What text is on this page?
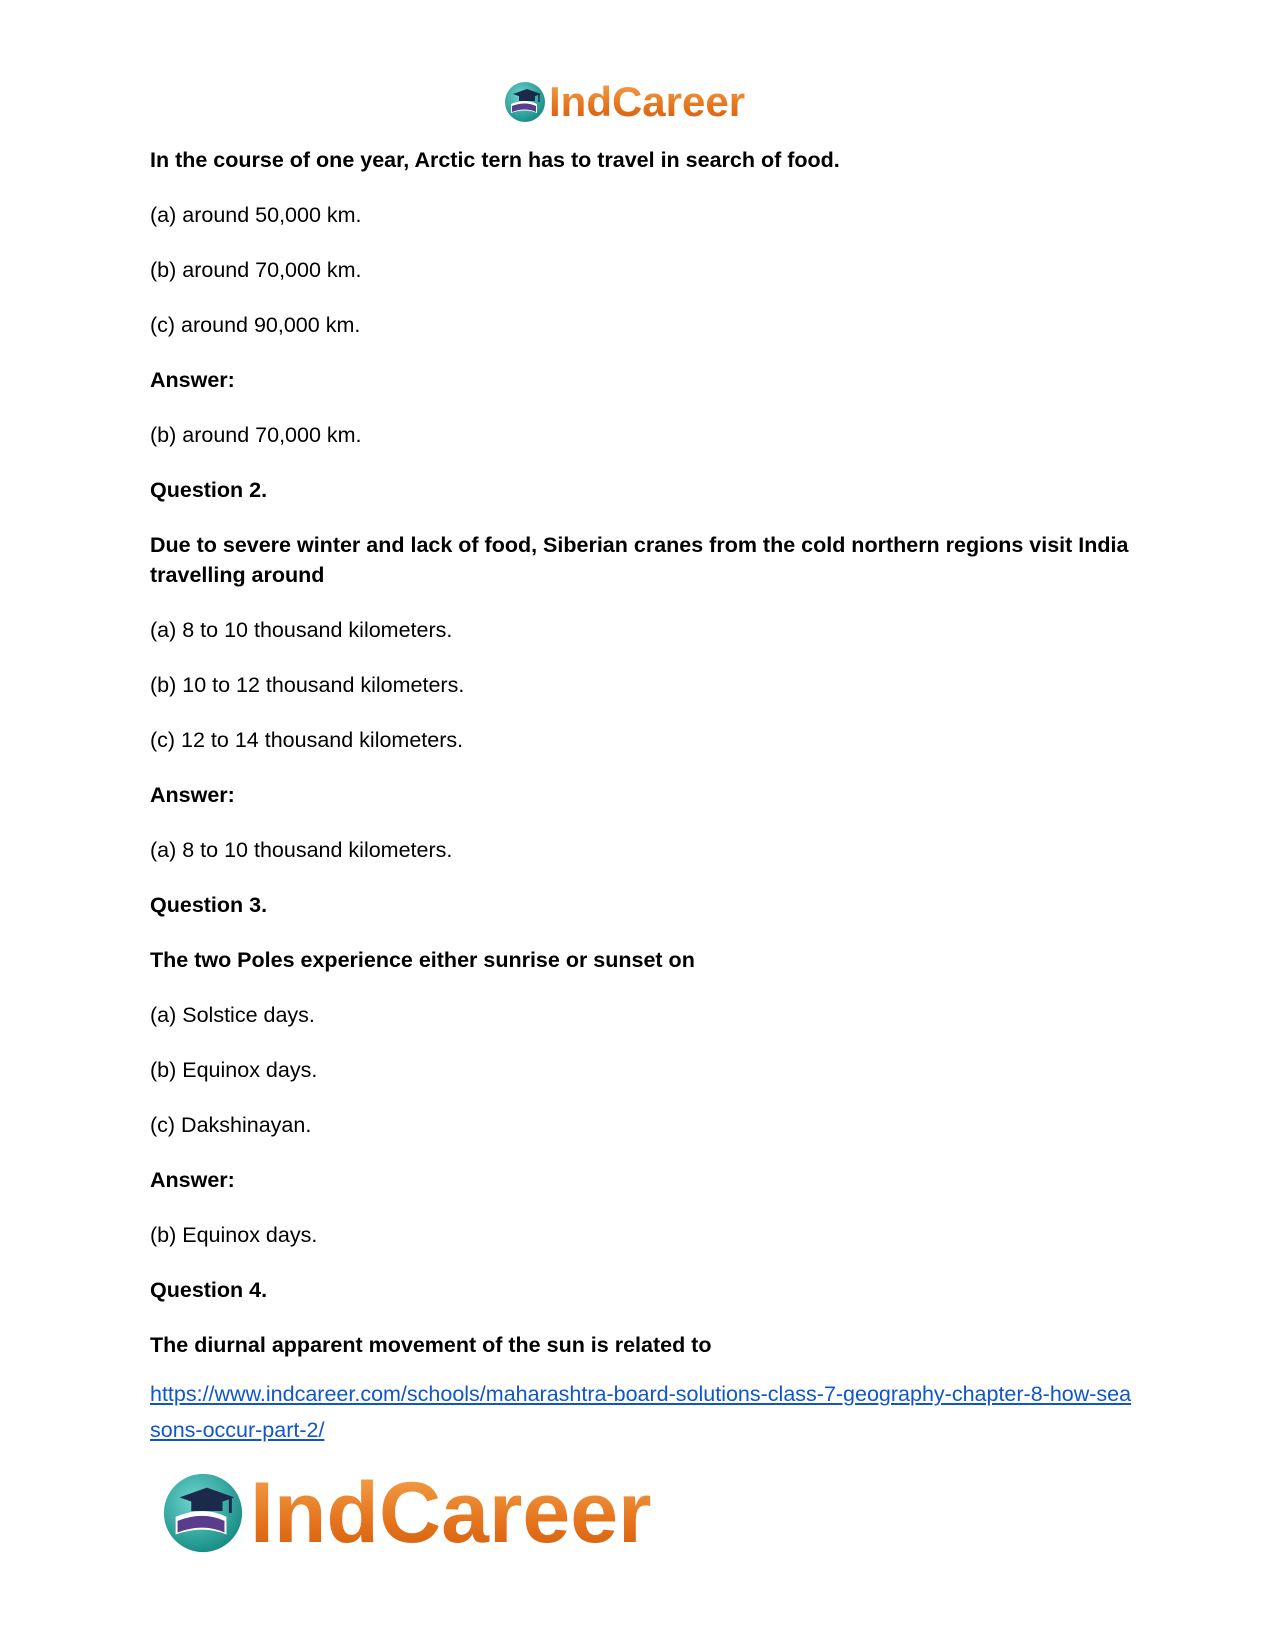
IndCareer

In the course of one year, Arctic tern has to travel in search of food.

(a) around 50,000 km.

(b) around 70,000 km.

(c) around 90,000 km.

Answer:

(b) around 70,000 km.

Question 2.

Due to severe winter and lack of food, Siberian cranes from the cold northern regions visit India travelling around

(a) 8 to 10 thousand kilometers.

(b) 10 to 12 thousand kilometers.

(c) 12 to 14 thousand kilometers.

Answer:

(a) 8 to 10 thousand kilometers.

Question 3.

The two Poles experience either sunrise or sunset on

(a) Solstice days.

(b) Equinox days.

(c) Dakshinayan.

Answer:

(b) Equinox days.

Question 4.

The diurnal apparent movement of the sun is related to

https://www.indcareer.com/schools/maharashtra-board-solutions-class-7-geography-chapter-8-how-seasons-occur-part-2/
IndCareer
